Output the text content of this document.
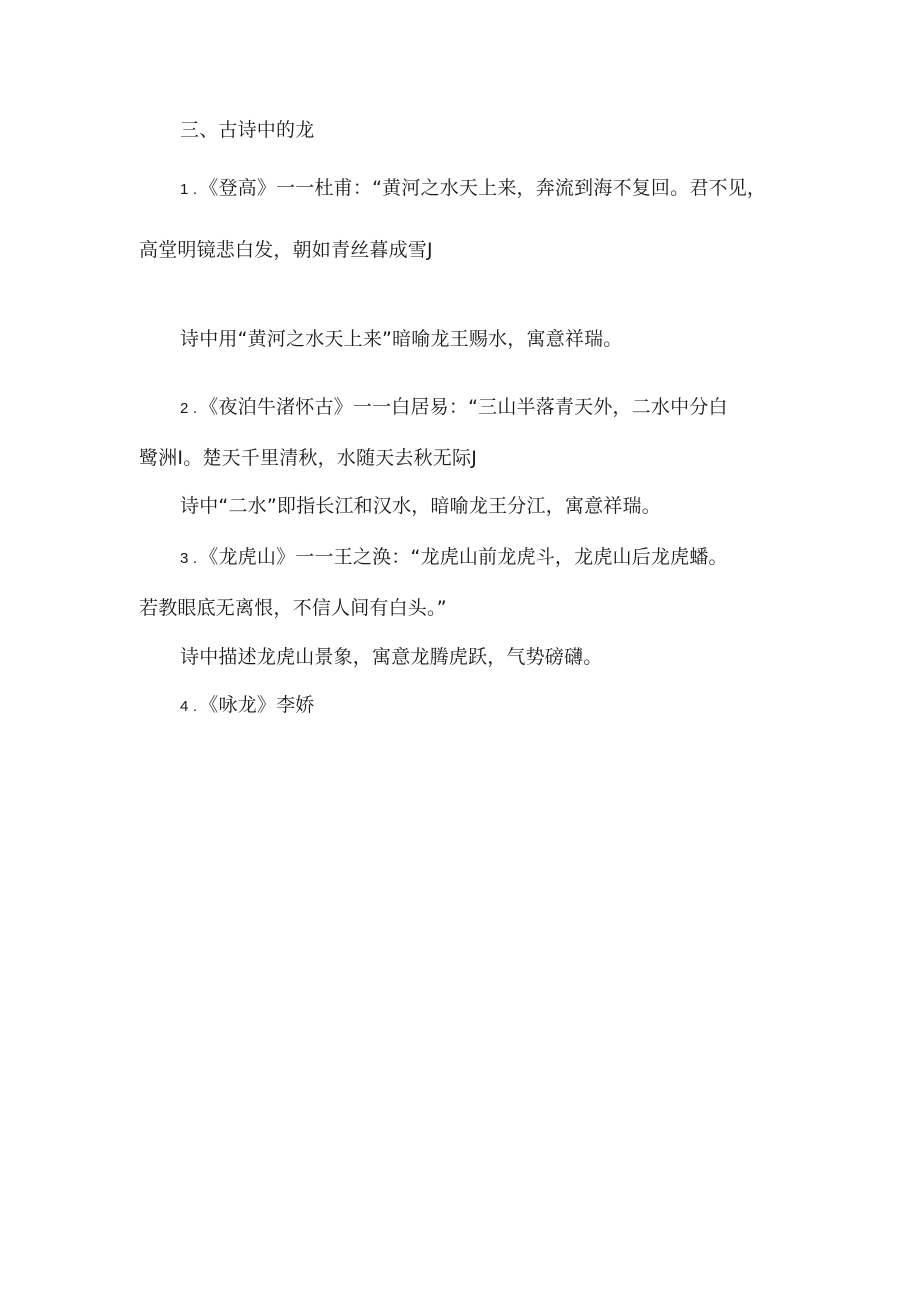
三、古诗中的龙
1 . 《登高》一一杜甫：“黄河之水天上来，奔流到海不复回。君不见，
高堂明镜悲白发，朝如青丝暮成雪J
诗中用“黄河之水天上来”暗喻龙王赐水，寓意祥瑞。
2 . 《夜泊牛渚怀古》一一白居易：“三山半落青天外，二水中分白
鹭洲I。楚天千里清秋，水随天去秋无际J
诗中“二水”即指长江和汉水，暗喻龙王分江，寓意祥瑞。
3 . 《龙虎山》一一王之涣：“龙虎山前龙虎斗，龙虎山后龙虎蟠。
若教眼底无离恨，不信人间有白头。”
诗中描述龙虎山景象，寓意龙腾虎跃，气势磅礴。
4 . 《咏龙》李娇
